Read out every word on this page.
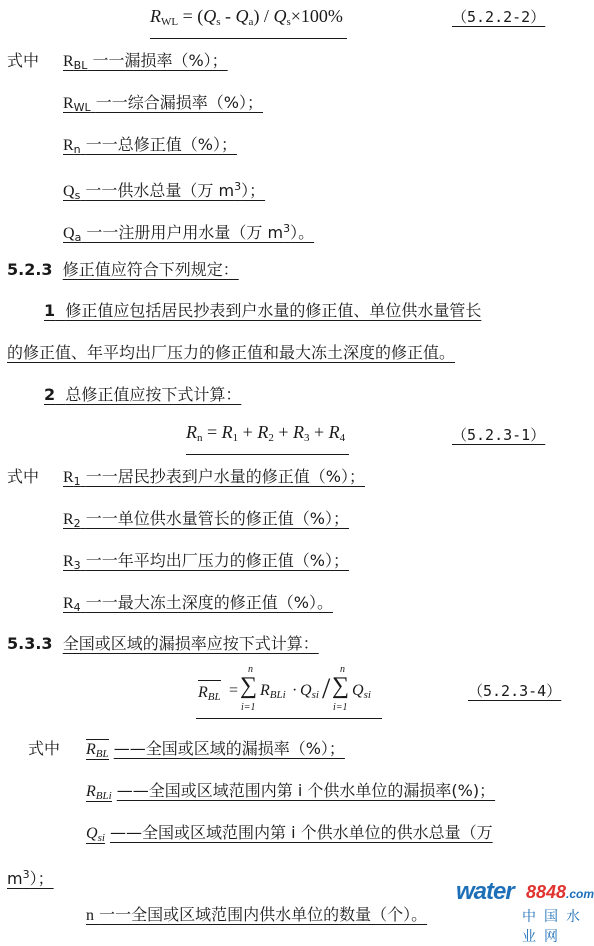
$R_{WL} = (Q_s - Q_a) / Q_s\times 100\%$	（5.2.2-2）
式中 $R_{BL}$ 一一漏损率（%）；
$R_{WL}$ 一一综合漏损率（%）；
$R_n$ 一一总修正值（%）；
$Q_s$ 一一供水总量（万 $m^3$）；
$Q_a$ 一一注册用户用水量（万 $m^3$）。
5.2.3 修正值应符合下列规定：
1 修正值应包括居民抄表到户水量的修正值、单位供水量管长
的修正值、年平均出厂压力的修正值和最大冻土深度的修正值。
2 总修正值应按下式计算：
$R_n = R_1 + R_2 + R_3 + R_4$	（5.2.3-1）
式中 $R_1$ 一一居民抄表到户水量的修正值（%）；
$R_2$ 一一单位供水量管长的修正值（%）；
$R_3$ 一一年平均出厂压力的修正值（%）；
$R_4$ 一一最大冻土深度的修正值（%）。
5.3.3 全国或区域的漏损率应按下式计算：
$R_{BL}$ =
n
∑
i=1
$R_{BLi} \cdot Q_{si}$ /
n
∑
i=1
$Q_{si}$	（5.2.3-4）
式中 $R_{BL}$ ——全国或区域的漏损率（%）；
$R_{BLi}$ ——全国或区域范围内第 i 个供水单位的漏损率(%)；
$Q_{si}$ ——全国或区域范围内第 i 个供水单位的供水总量（万
$m^3$）；
n 一一全国或区域范围内供水单位的数量（个）。
water 8848.com
中国水业网
